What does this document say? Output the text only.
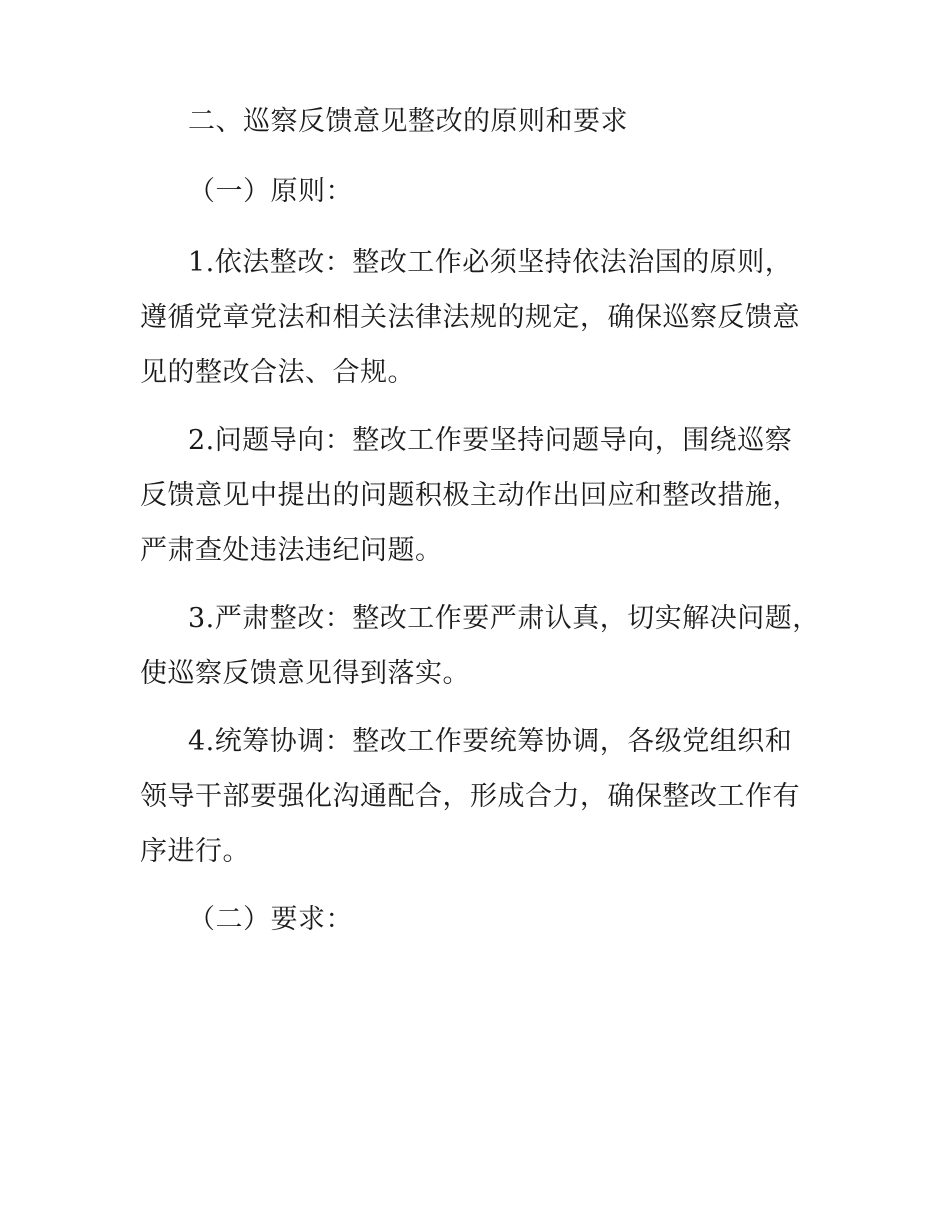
二、巡察反馈意见整改的原则和要求
（一）原则：
1.依法整改：整改工作必须坚持依法治国的原则，
遵循党章党法和相关法律法规的规定，确保巡察反馈意
见的整改合法、合规。
2.问题导向：整改工作要坚持问题导向，围绕巡察
反馈意见中提出的问题积极主动作出回应和整改措施，
严肃查处违法违纪问题。
3.严肃整改：整改工作要严肃认真，切实解决问题，
使巡察反馈意见得到落实。
4.统筹协调：整改工作要统筹协调，各级党组织和
领导干部要强化沟通配合，形成合力，确保整改工作有
序进行。
（二）要求：
